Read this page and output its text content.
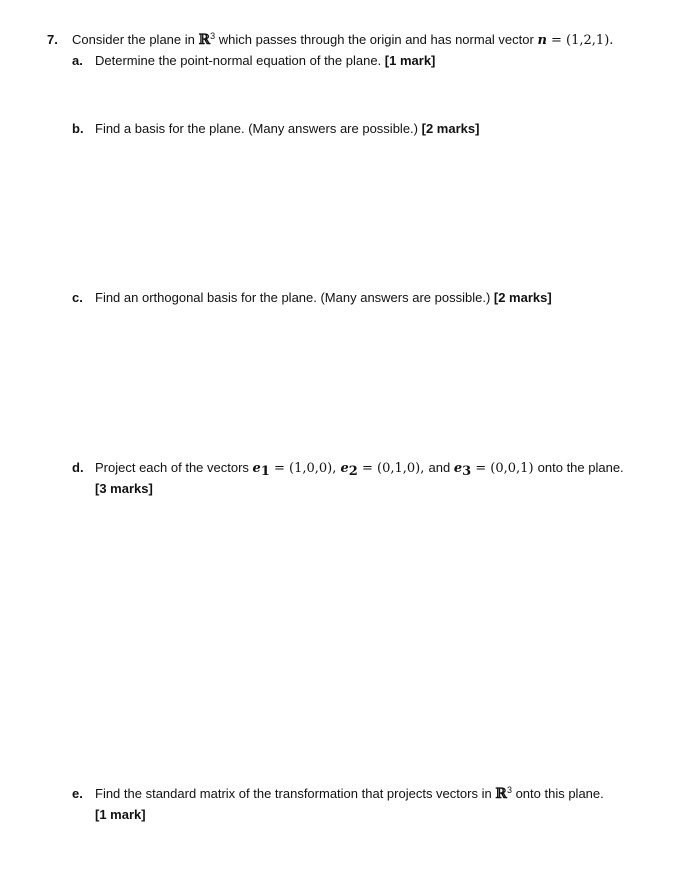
7. Consider the plane in ℝ$^3$ which passes through the origin and has normal vector n = (1,2,1).
a. Determine the point-normal equation of the plane. [1 mark]
b. Find a basis for the plane. (Many answers are possible.) [2 marks]
c. Find an orthogonal basis for the plane. (Many answers are possible.) [2 marks]
d. Project each of the vectors $e_1 = (1,0,0)$, $e_2 = (0,1,0)$, and $e_3 = (0,0,1)$ onto the plane.
[3 marks]
e. Find the standard matrix of the transformation that projects vectors in ℝ$^3$ onto this plane.
[1 mark]
